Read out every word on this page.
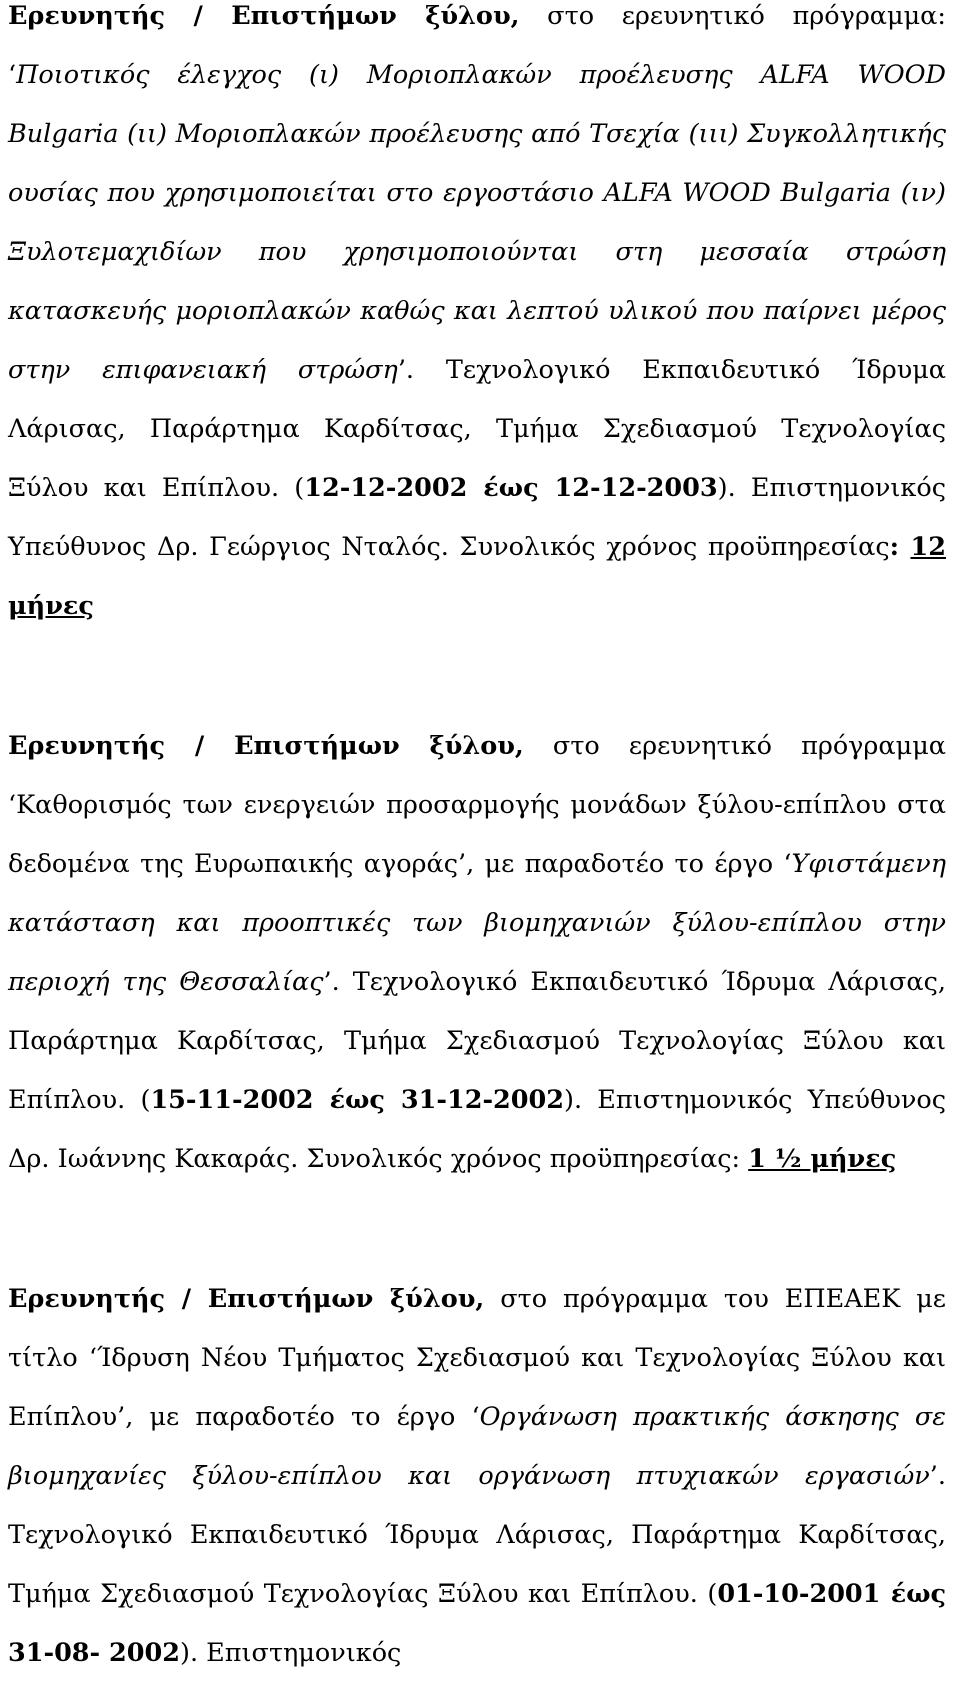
Ερευνητής / Επιστήμων ξύλου, στο ερευνητικό πρόγραμμα: ‘Ποιοτικός έλεγχος (ι) Μοριοπλακών προέλευσης ALFA WOOD Bulgaria (ιι) Μοριοπλακών προέλευσης από Τσεχία (ιιι) Συγκολλητικής ουσίας που χρησιμοποιείται στο εργοστάσιο ALFA WOOD Bulgaria (ιν) Ξυλοτεμαχιδίων που χρησιμοποιούνται στη μεσσαία στρώση κατασκευής μοριοπλακών καθώς και λεπτού υλικού που παίρνει μέρος στην επιφανειακή στρώση’. Τεχνολογικό Εκπαιδευτικό Ίδρυμα Λάρισας, Παράρτημα Καρδίτσας, Τμήμα Σχεδιασμού Τεχνολογίας Ξύλου και Επίπλου. (12-12-2002 έως 12-12-2003). Επιστημονικός Υπεύθυνος Δρ. Γεώργιος Νταλός. Συνολικός χρόνος προϋπηρεσίας: 12 μήνες

Ερευνητής / Επιστήμων ξύλου, στο ερευνητικό πρόγραμμα ‘Καθορισμός των ενεργειών προσαρμογής μονάδων ξύλου-επίπλου στα δεδομένα της Ευρωπαικής αγοράς’, με παραδοτέο το έργο ‘Υφιστάμενη κατάσταση και προοπτικές των βιομηχανιών ξύλου-επίπλου στην περιοχή της Θεσσαλίας’. Τεχνολογικό Εκπαιδευτικό Ίδρυμα Λάρισας, Παράρτημα Καρδίτσας, Τμήμα Σχεδιασμού Τεχνολογίας Ξύλου και Επίπλου. (15-11-2002 έως 31-12-2002). Επιστημονικός Υπεύθυνος Δρ. Ιωάννης Κακαράς. Συνολικός χρόνος προϋπηρεσίας: 1 ½ μήνες

Ερευνητής / Επιστήμων ξύλου, στο πρόγραμμα του ΕΠΕΑΕΚ με τίτλο ‘Ίδρυση Νέου Τμήματος Σχεδιασμού και Τεχνολογίας Ξύλου και Επίπλου’, με παραδοτέο το έργο ‘Οργάνωση πρακτικής άσκησης σε βιομηχανίες ξύλου-επίπλου και οργάνωση πτυχιακών εργασιών’. Τεχνολογικό Εκπαιδευτικό Ίδρυμα Λάρισας, Παράρτημα Καρδίτσας, Τμήμα Σχεδιασμού Τεχνολογίας Ξύλου και Επίπλου. (01-10-2001 έως 31-08- 2002). Επιστημονικός
